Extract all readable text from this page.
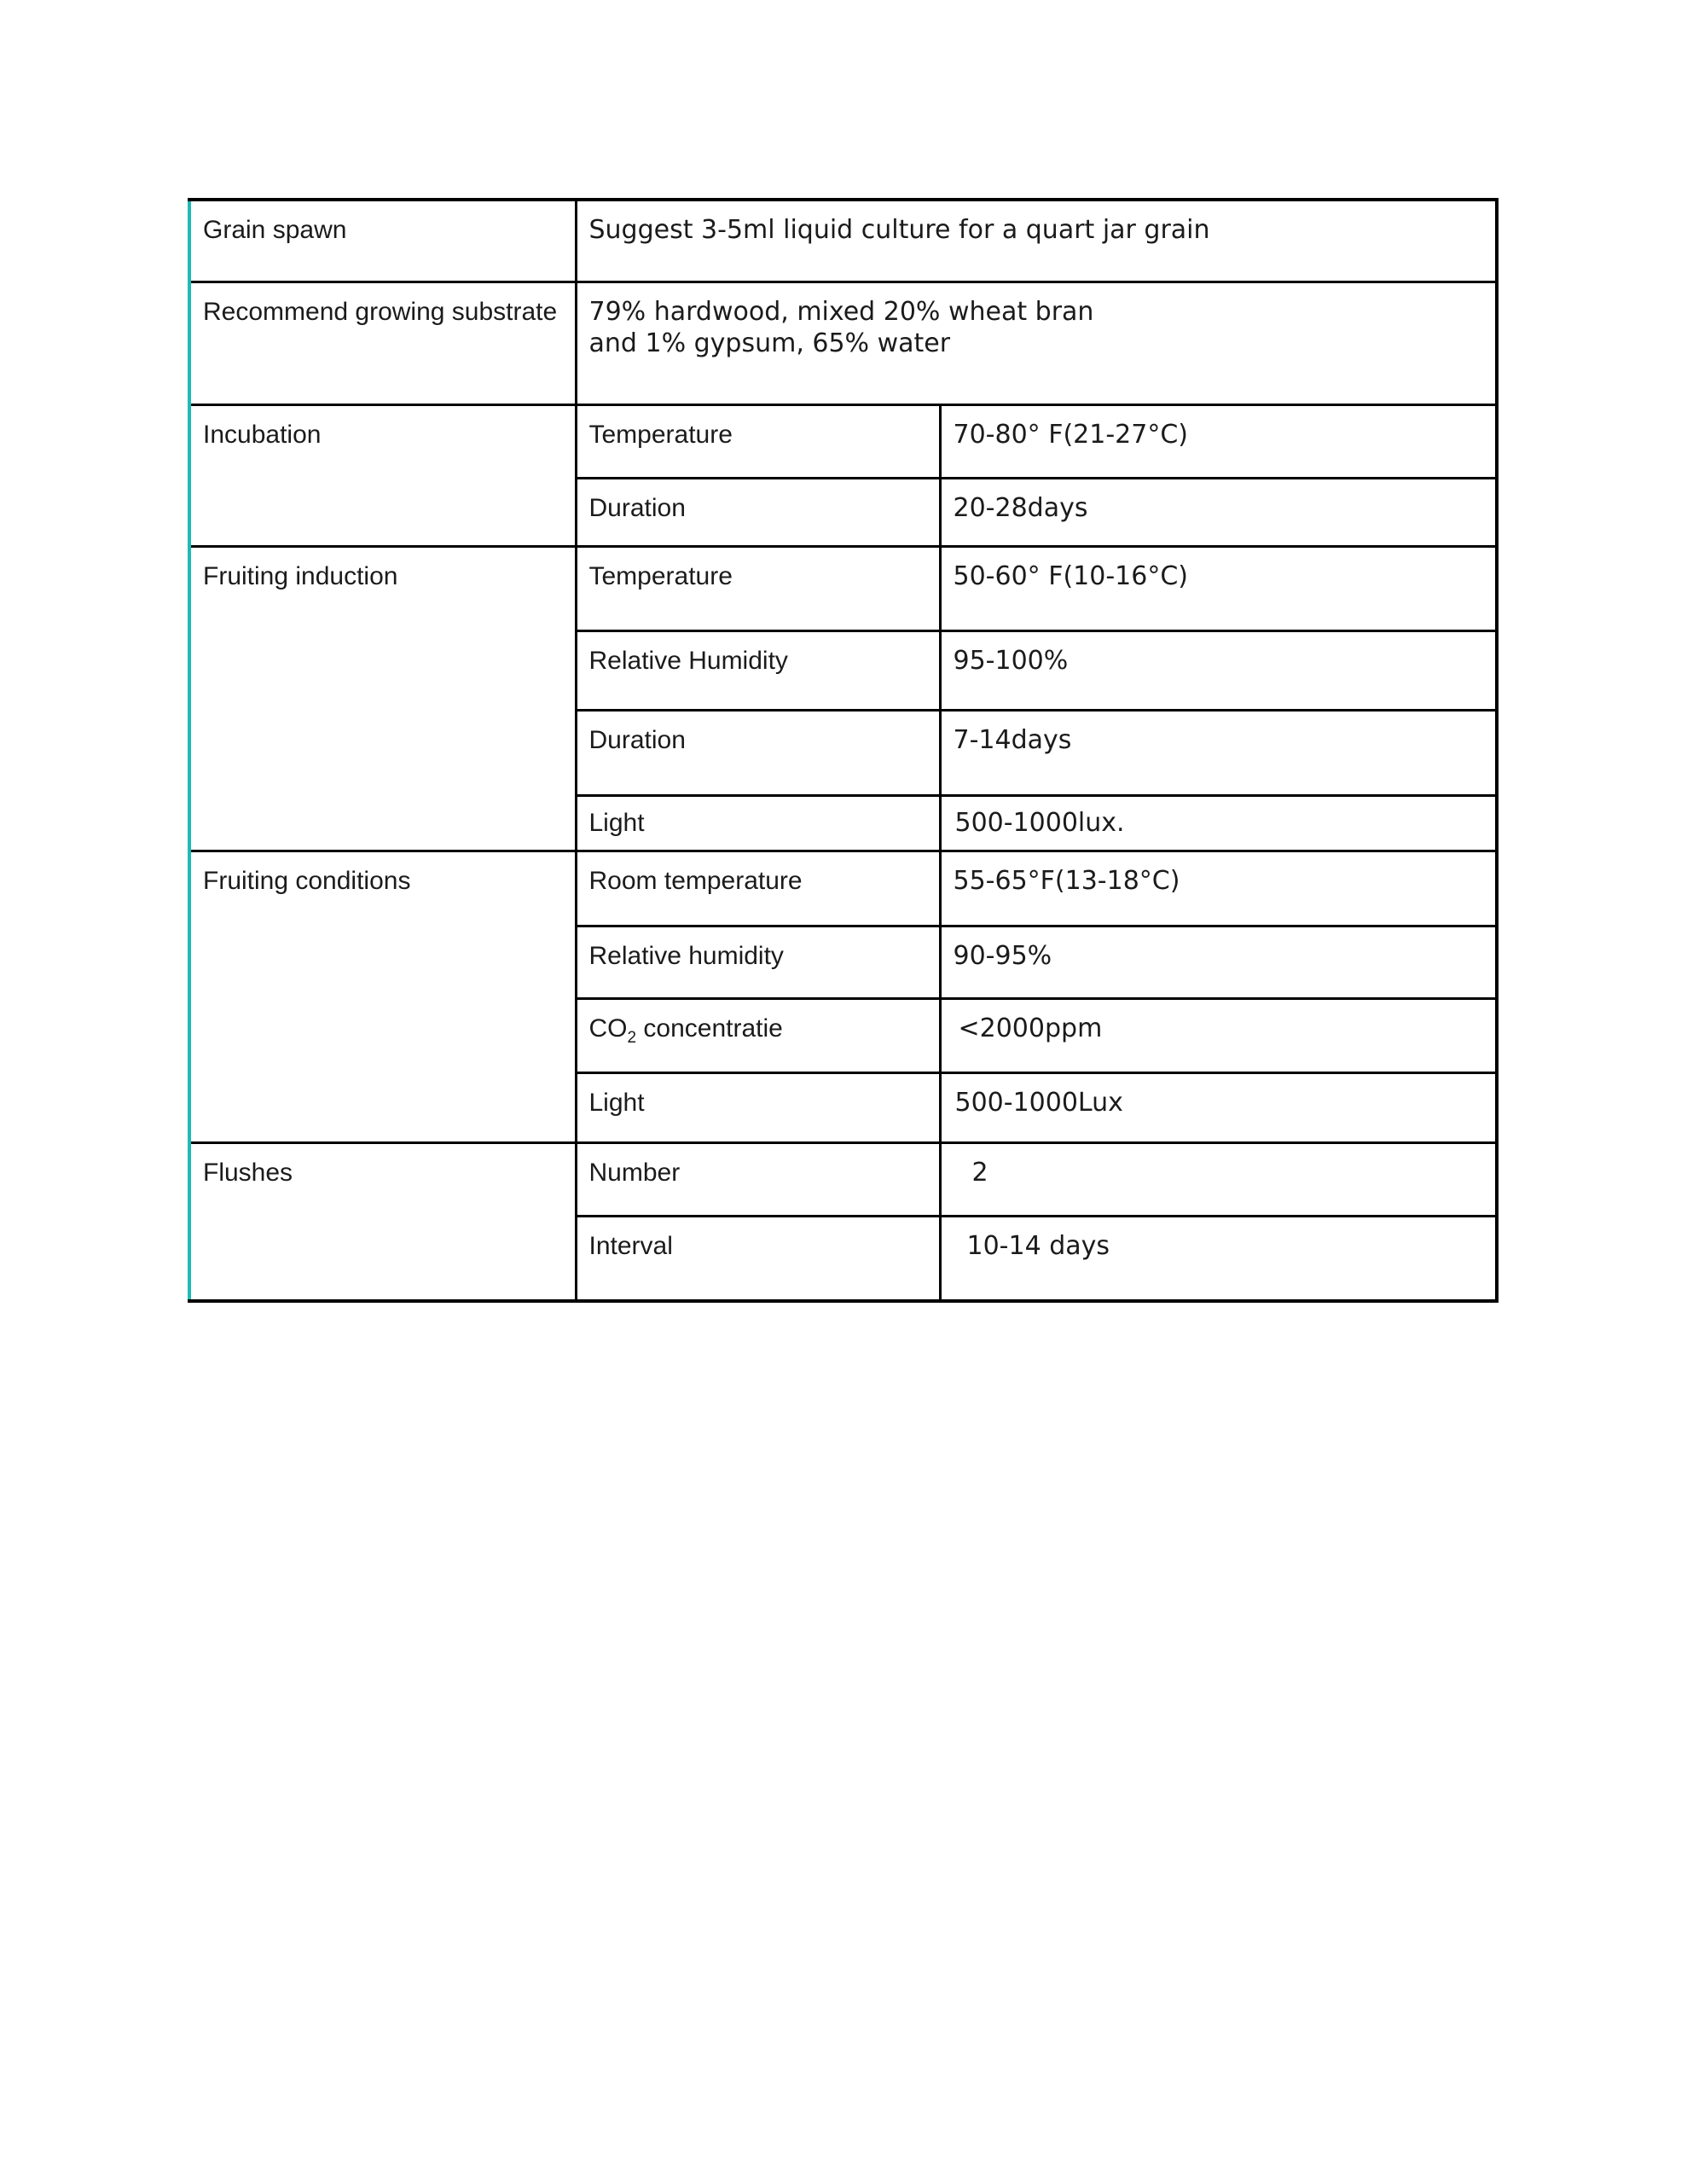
Grain spawn	Suggest 3-5ml liquid culture for a quart jar grain	
Recommend growing substrate	79% hardwood, mixed 20% wheat bran
and 1% gypsum, 65% water	

Incubation	Temperature	70-80° F(21-27°C)
	Duration	20-28days
Fruiting induction	Temperature	50-60° F(10-16°C)
	Relative Humidity	95-100%
	Duration	7-14days
	Light	500-1000lux.
Fruiting conditions	Room temperature	55-65°F(13-18°C)
	Relative humidity	90-95%
	$CO_2$ concentratie	<2000ppm
	Light	500-1000Lux
Flushes	Number	2
	Interval	10-14 days
